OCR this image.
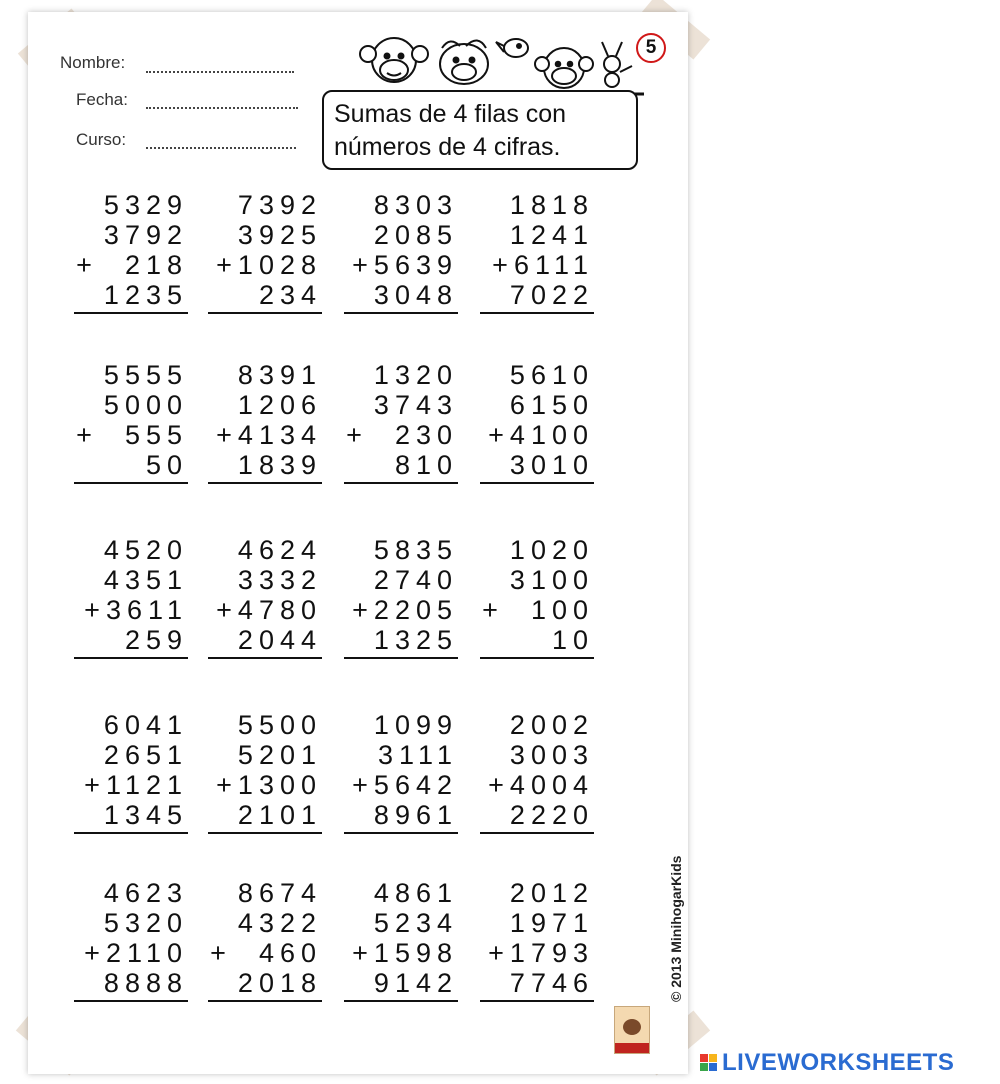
Nombre:
Fecha:
Curso:
5
Sumas de 4 filas con
números de 4 cifras.
5329
3792
+  218
1235
7392
3925
+1028
234
8303
2085
+5639
3048
1818
1241
+6111
7022
5555
5000
+  555
50
8391
1206
+4134
1839
1320
3743
+  230
810
5610
6150
+4100
3010
4520
4351
+3611
259
4624
3332
+4780
2044
5835
2740
+2205
1325
1020
3100
+  100
10
6041
2651
+1121
1345
5500
5201
+1300
2101
1099
3111
+5642
8961
2002
3003
+4004
2220
4623
5320
+2110
8888
8674
4322
+  460
2018
4861
5234
+1598
9142
2012
1971
+1793
7746	© 2013 MinihogarKids
LIVEWORKSHEETS
